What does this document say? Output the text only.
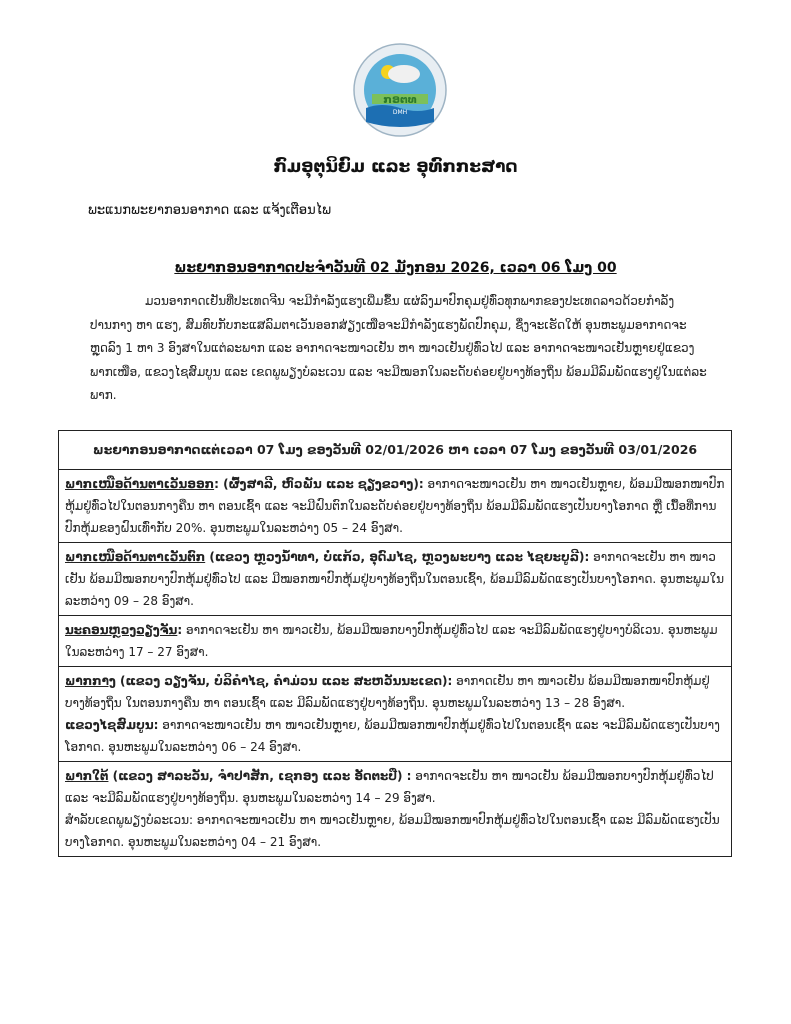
ກອຕທ
DMH
ກົມອຸຕຸນິຍົມ ແລະ ອຸທົກກະສາດ
ພະແນກພະຍາກອນອາກາດ ແລະ ແຈ້ງເຕືອນໄພ
ພະຍາກອນອາກາດປະຈຳວັນທີ 02 ມັງກອນ 2026, ເວລາ 06 ໂມງ 00
ມວນອາກາດເຢັນທີ່ປະເທດຈີນ ຈະມີກຳລັງແຮງເພີ່ມຂຶ້ນ ແຜ່ລົງມາປົກຄຸມຢູ່ທົ່ວທຸກພາກຂອງປະເທດລາວດ້ວຍກຳລັງປານກາງ ຫາ ແຮງ, ສົມທົບກັບກະແສລົມຕາເວັນອອກສ່ຽງເໜືອຈະມີກຳລັງແຮງພັດປົກຄຸມ, ຊຶ່ງຈະເຮັດໃຫ້ ອຸນຫະພູມອາກາດຈະຫຼຸດລົງ 1 ຫາ 3 ອົງສາໃນແຕ່ລະພາກ ແລະ ອາກາດຈະໜາວເຢັນ ຫາ ໜາວເຢັນຢູ່ທົ່ວໄປ ແລະ ອາກາດຈະໜາວເຢັນຫຼາຍຢູ່ແຂວງພາກເໜືອ, ແຂວງໄຊສົມບູນ ແລະ ເຂດພູພຽງບໍລະເວນ ແລະ ຈະມີໝອກໃນລະດັບຄ່ອຍຢູ່ບາງທ້ອງຖິ່ນ ພ້ອມມີລົມພັດແຮງຢູ່ໃນແຕ່ລະພາກ.
ພະຍາກອນອາກາດແຕ່ເວລາ 07 ໂມງ ຂອງວັນທີ 02/01/2026 ຫາ ເວລາ 07 ໂມງ ຂອງວັນທີ 03/01/2026
ພາກເໜືອດ້ານຕາເວັນອອກ: (ຜົ້ງສາລີ, ຫົວພັນ ແລະ ຊຽງຂວາງ): ອາກາດຈະໜາວເຢັນ ຫາ ໜາວເຢັນຫຼາຍ, ພ້ອມມີໝອກໜາປົກຫຸ້ມຢູ່ທົ່ວໄປໃນຕອນກາງຄືນ ຫາ ຕອນເຊົ້າ ແລະ ຈະມີຝົນຕົກໃນລະດັບຄ່ອຍຢູ່ບາງທ້ອງຖິ່ນ ພ້ອມມີລົມພັດແຮງເປັນບາງໂອກາດ ຫຼື ເນື້ອທີ່ການປົກຫຸ້ມຂອງຝົນເທົ່າກັບ 20%. ອຸນຫະພູມໃນລະຫວ່າງ 05 – 24 ອົງສາ.
ພາກເໜືອດ້ານຕາເວັນຕົກ (ແຂວງ ຫຼວງນ້ຳທາ, ບໍ່ແກ້ວ, ອຸດົມໄຊ, ຫຼວງພະບາງ ແລະ ໄຊຍະບູລີ): ອາກາດຈະເຢັນ ຫາ ໜາວເຢັນ ພ້ອມມີໝອກບາງປົກຫຸ້ມຢູ່ທົ່ວໄປ ແລະ ມີໝອກໜາປົກຫຸ້ມຢູ່ບາງທ້ອງຖິ່ນໃນຕອນເຊົ້າ, ພ້ອມມີລົມພັດແຮງເປັນບາງໂອກາດ. ອຸນຫະພູມໃນລະຫວ່າງ 09 – 28 ອົງສາ.
ນະຄອນຫຼວງວຽງຈັນ: ອາກາດຈະເຢັນ ຫາ ໜາວເຢັນ, ພ້ອມມີໝອກບາງປົກຫຸ້ມຢູ່ທົ່ວໄປ ແລະ ຈະມີລົມພັດແຮງຢູ່ບາງບໍລິເວນ. ອຸນຫະພູມໃນລະຫວ່າງ 17 – 27 ອົງສາ.
ພາກກາງ (ແຂວງ ວຽງຈັນ, ບໍລິຄຳໄຊ, ຄຳມ່ວນ ແລະ ສະຫວັນນະເຂດ): ອາກາດເຢັນ ຫາ ໜາວເຢັນ ພ້ອມມີໝອກໜາປົກຫຸ້ມຢູ່ບາງທ້ອງຖິ່ນ ໃນຕອນກາງຄືນ ຫາ ຕອນເຊົ້າ ແລະ ມີລົມພັດແຮງຢູ່ບາງທ້ອງຖິ່ນ. ອຸນຫະພູມໃນລະຫວ່າງ 13 – 28 ອົງສາ.
ແຂວງໄຊສົມບູນ: ອາກາດຈະໜາວເຢັນ ຫາ ໜາວເຢັນຫຼາຍ, ພ້ອມມີໝອກໜາປົກຫຸ້ມຢູ່ທົ່ວໄປໃນຕອນເຊົ້າ ແລະ ຈະມີລົມພັດແຮງເປັນບາງໂອກາດ. ອຸນຫະພູມໃນລະຫວ່າງ 06 – 24 ອົງສາ.
ພາກໃຕ້ (ແຂວງ ສາລະວັນ, ຈຳປາສັກ, ເຊກອງ ແລະ ອັດຕະປື) : ອາກາດຈະເຢັນ ຫາ ໜາວເຢັນ ພ້ອມມີໝອກບາງປົກຫຸ້ມຢູ່ທົ່ວໄປ ແລະ ຈະມີລົມພັດແຮງຢູ່ບາງທ້ອງຖິ່ນ. ອຸນຫະພູມໃນລະຫວ່າງ 14 – 29 ອົງສາ.
ສຳລັບເຂດພູພຽງບໍລະເວນ: ອາກາດຈະໜາວເຢັນ ຫາ ໜາວເຢັນຫຼາຍ, ພ້ອມມີໝອກໜາປົກຫຸ້ມຢູ່ທົ່ວໄປໃນຕອນເຊົ້າ ແລະ ມີລົມພັດແຮງເປັນບາງໂອກາດ. ອຸນຫະພູມໃນລະຫວ່າງ 04 – 21 ອົງສາ.
